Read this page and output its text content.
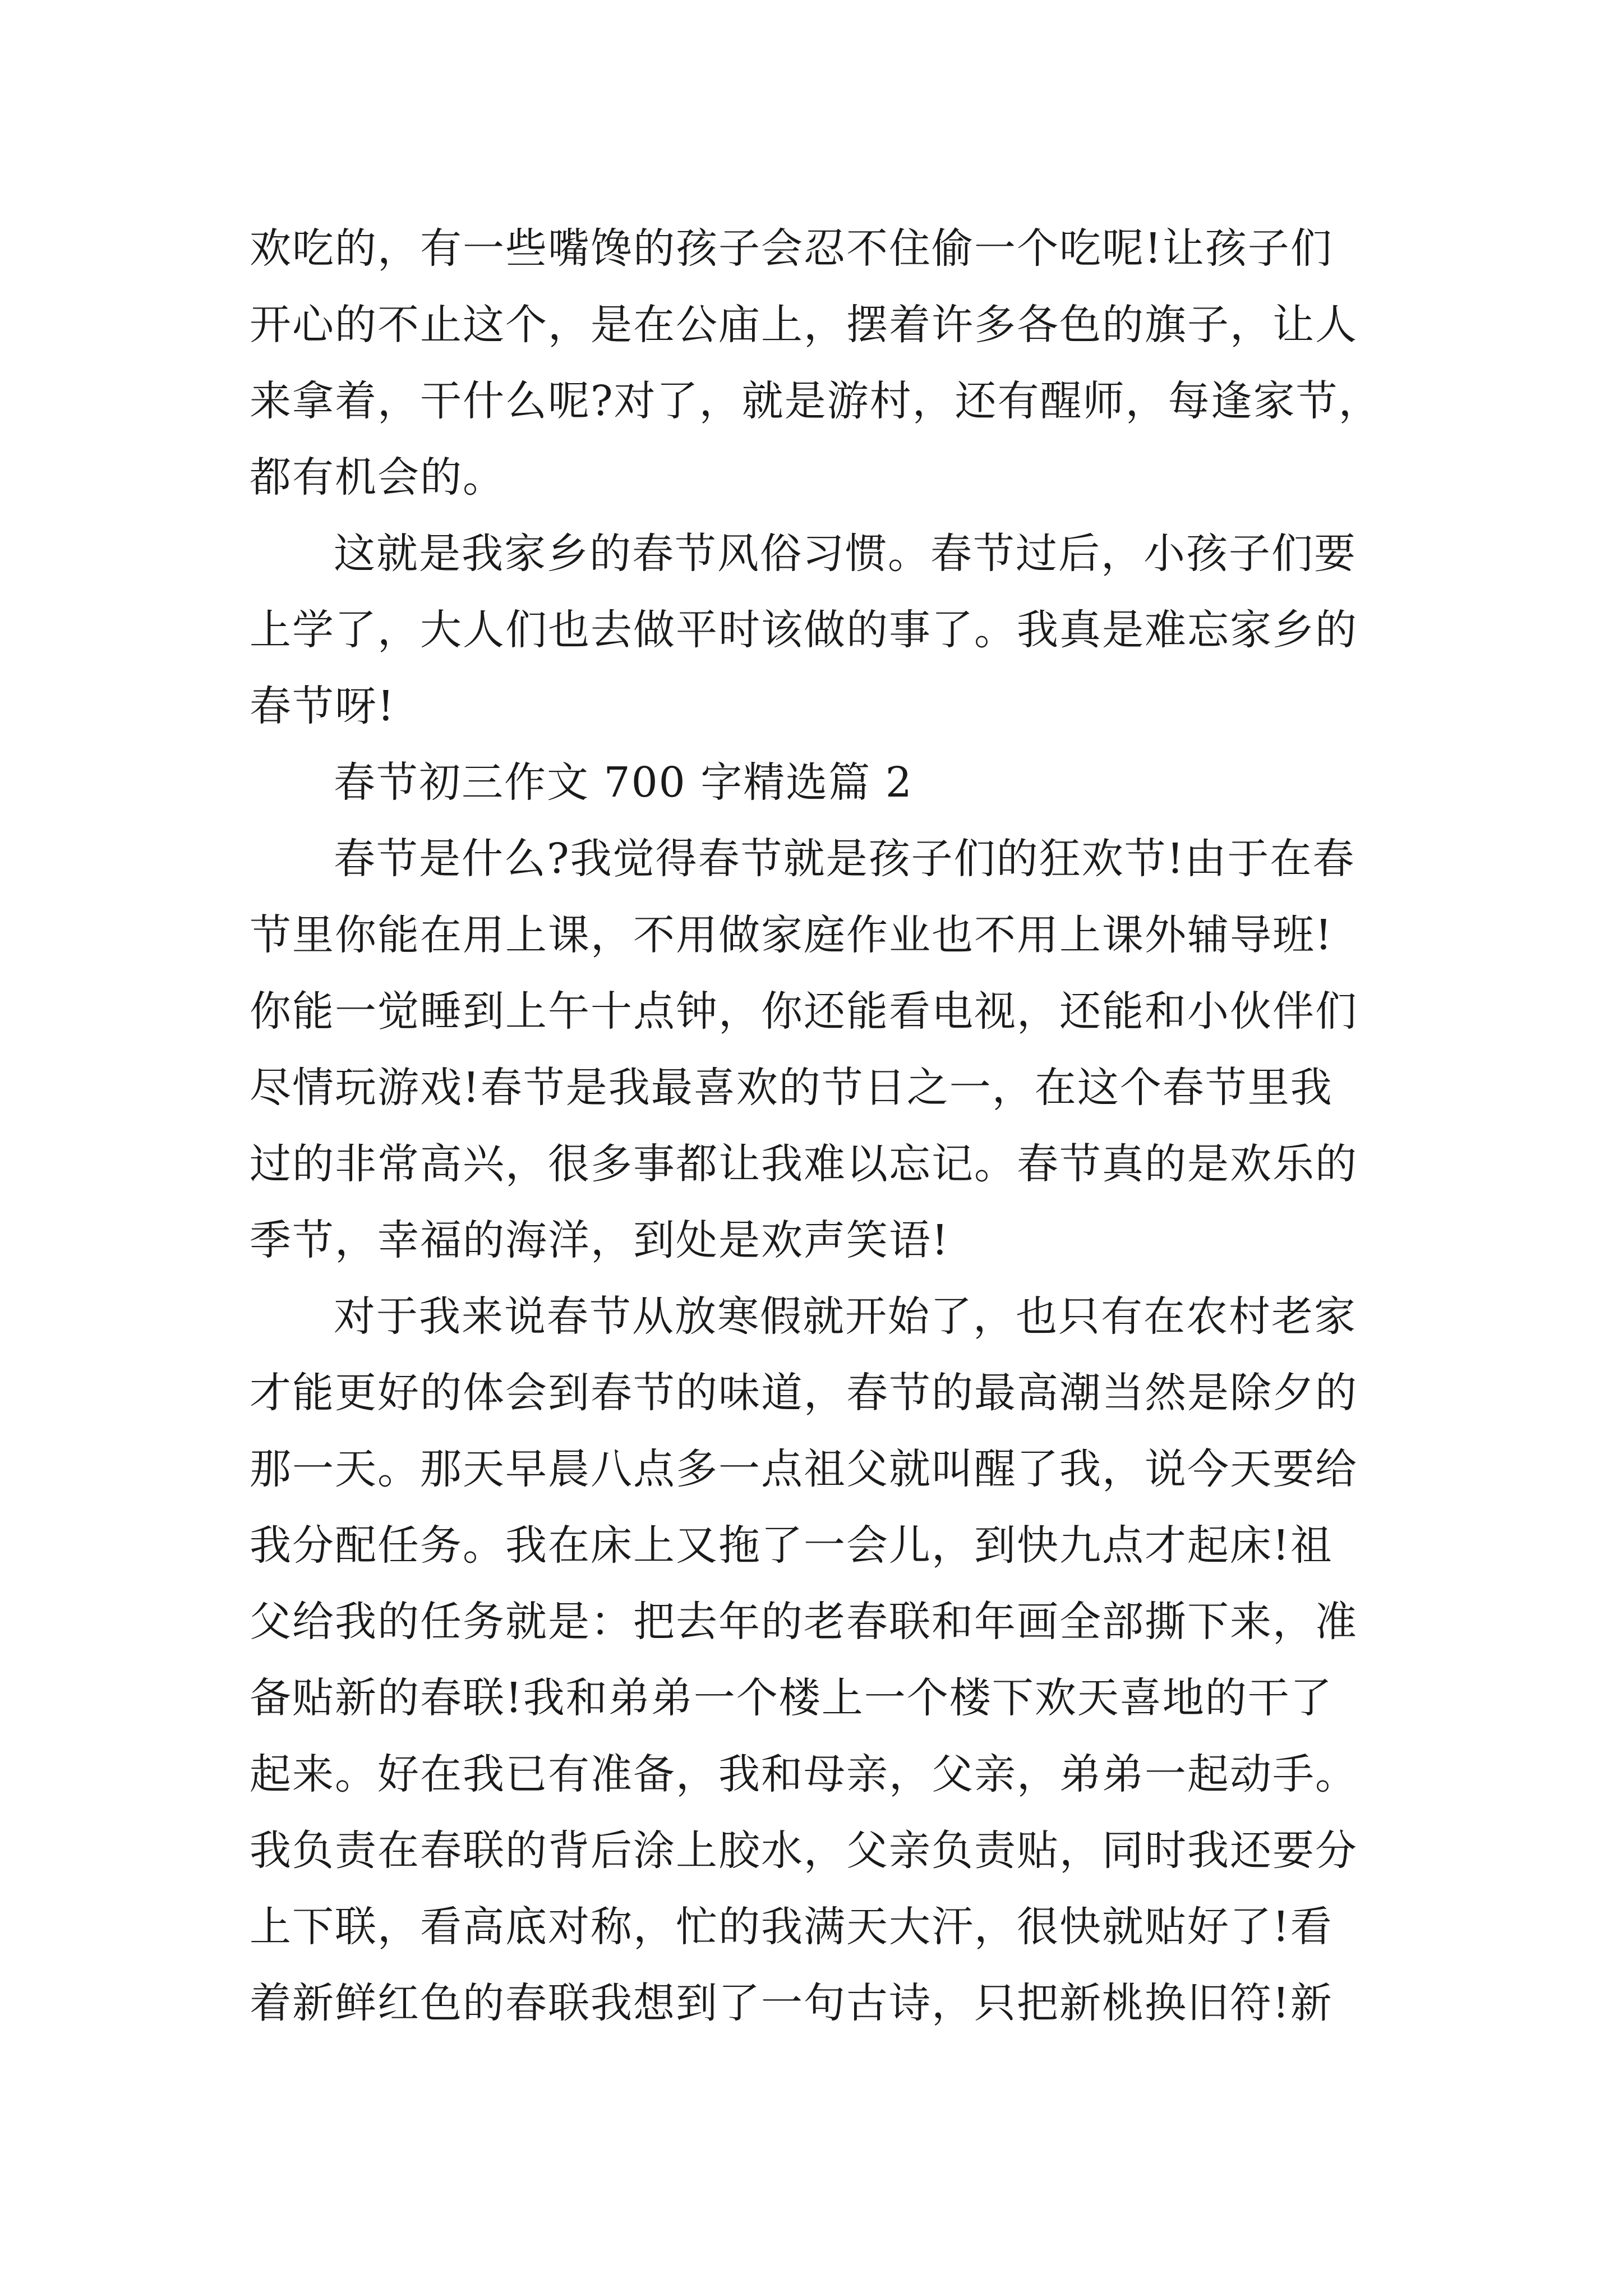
欢吃的，有一些嘴馋的孩子会忍不住偷一个吃呢!让孩子们
开心的不止这个，是在公庙上，摆着许多各色的旗子，让人
来拿着，干什么呢?对了，就是游村，还有醒师，每逢家节，
都有机会的。
这就是我家乡的春节风俗习惯。春节过后，小孩子们要
上学了，大人们也去做平时该做的事了。我真是难忘家乡的
春节呀!
春节初三作文 700 字精选篇 2
春节是什么?我觉得春节就是孩子们的狂欢节!由于在春
节里你能在用上课，不用做家庭作业也不用上课外辅导班!
你能一觉睡到上午十点钟，你还能看电视，还能和小伙伴们
尽情玩游戏!春节是我最喜欢的节日之一，在这个春节里我
过的非常高兴，很多事都让我难以忘记。春节真的是欢乐的
季节，幸福的海洋，到处是欢声笑语!
对于我来说春节从放寒假就开始了，也只有在农村老家
才能更好的体会到春节的味道，春节的最高潮当然是除夕的
那一天。那天早晨八点多一点祖父就叫醒了我，说今天要给
我分配任务。我在床上又拖了一会儿，到快九点才起床!祖
父给我的任务就是：把去年的老春联和年画全部撕下来，准
备贴新的春联!我和弟弟一个楼上一个楼下欢天喜地的干了
起来。好在我已有准备，我和母亲，父亲，弟弟一起动手。
我负责在春联的背后涂上胶水，父亲负责贴，同时我还要分
上下联，看高底对称，忙的我满天大汗，很快就贴好了!看
着新鲜红色的春联我想到了一句古诗，只把新桃换旧符!新
